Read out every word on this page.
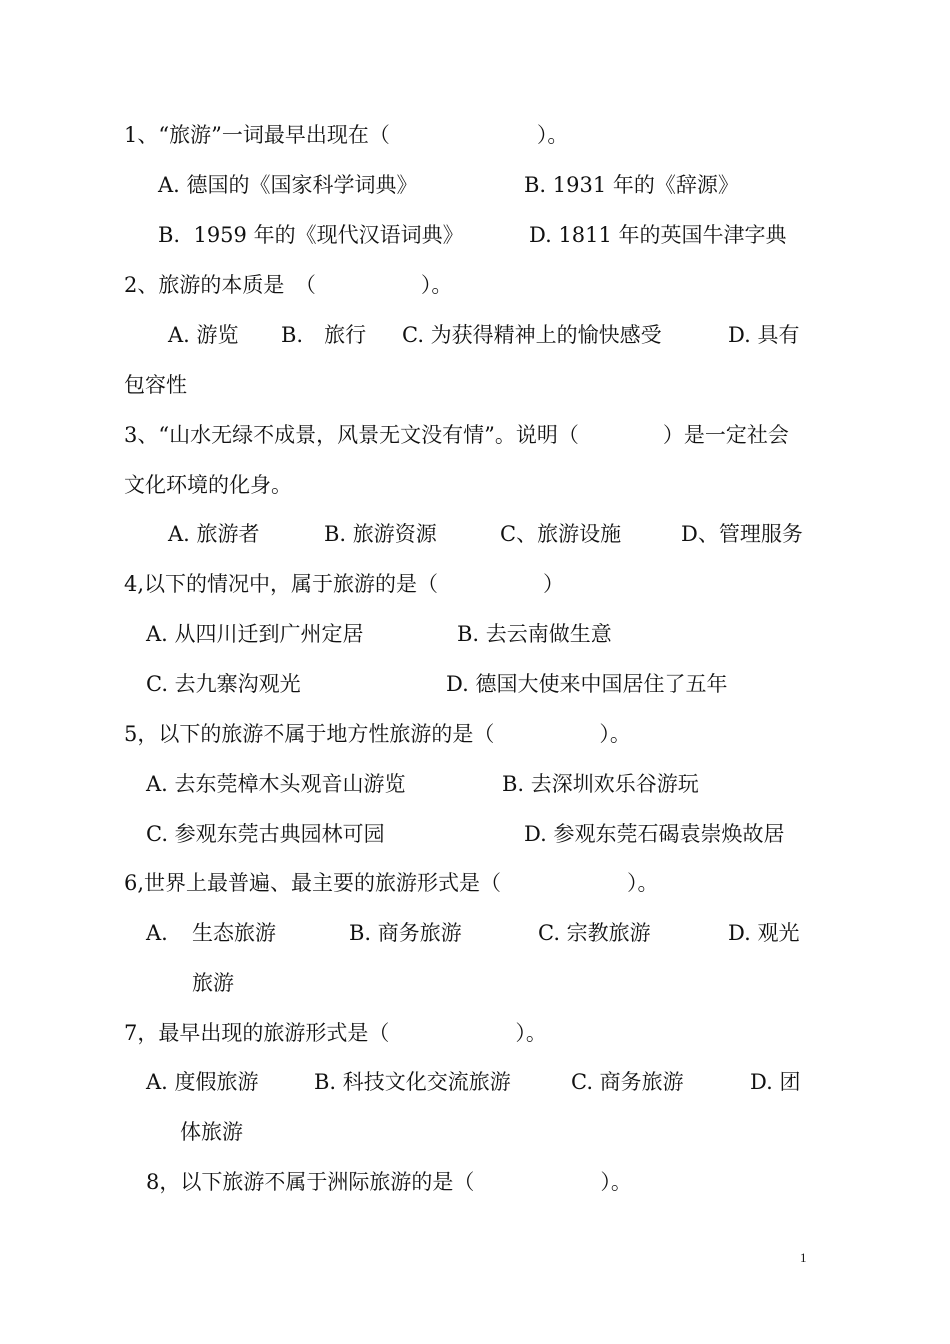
1、“旅游”一词最早出现在（　　　　　　　）。
A. 德国的《国家科学词典》	B. 1931 年的《辞源》
B.  1959 年的《现代汉语词典》	D. 1811 年的英国牛津字典
2、旅游的本质是　（　　　　　）。
A. 游览 B.　旅行 C. 为获得精神上的愉快感受	D. 具有
包容性
3、“山水无绿不成景，风景无文没有情”。说明（　　　　）是一定社会
文化环境的化身。
A. 旅游者	B. 旅游资源	C、旅游设施	D、管理服务
4,以下的情况中，属于旅游的是（　　　　　）
A. 从四川迁到广州定居	B. 去云南做生意
C. 去九寨沟观光	D. 德国大使来中国居住了五年
5，以下的旅游不属于地方性旅游的是（　　　　　）。
A. 去东莞樟木头观音山游览	B. 去深圳欢乐谷游玩
C. 参观东莞古典园林可园	D. 参观东莞石碣袁崇焕故居
6,世界上最普遍、最主要的旅游形式是（　　　　　　）。
A. 生态旅游	B. 商务旅游	C. 宗教旅游	D. 观光
旅游
7，最早出现的旅游形式是（　　　　　　）。
A. 度假旅游	B. 科技文化交流旅游	C. 商务旅游	D. 团
体旅游
8，以下旅游不属于洲际旅游的是（　　　　　　）。
1
